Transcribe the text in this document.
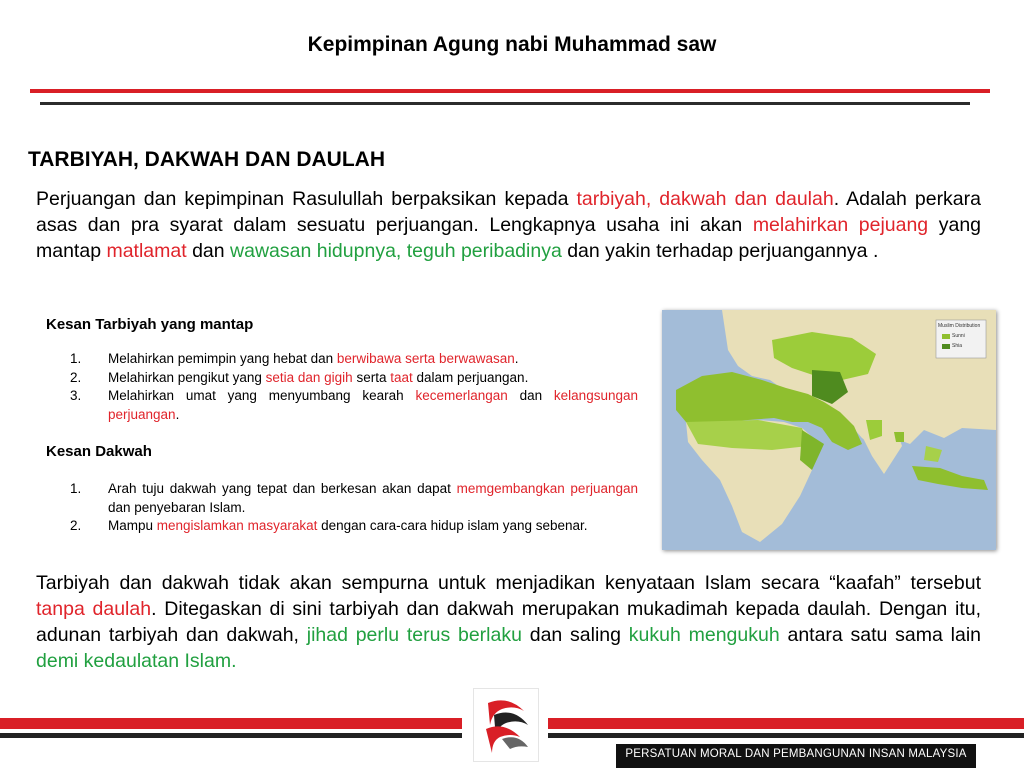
Kepimpinan Agung nabi Muhammad saw
TARBIYAH, DAKWAH DAN DAULAH
Perjuangan dan kepimpinan Rasulullah berpaksikan kepada tarbiyah, dakwah dan daulah. Adalah perkara asas dan pra syarat dalam sesuatu perjuangan. Lengkapnya usaha ini akan melahirkan pejuang yang mantap matlamat dan wawasan hidupnya, teguh peribadinya dan yakin terhadap perjuangannya .
Kesan Tarbiyah yang mantap
1. Melahirkan pemimpin yang hebat dan berwibawa serta berwawasan.
2. Melahirkan pengikut yang setia dan gigih serta taat dalam perjuangan.
3. Melahirkan umat yang menyumbang kearah kecemerlangan dan kelangsungan perjuangan.
Kesan Dakwah
1. Arah tuju dakwah yang tepat dan berkesan akan dapat memgembangkan perjuangan dan penyebaran Islam.
2. Mampu mengislamkan masyarakat dengan cara-cara hidup islam yang sebenar.
Muslim Distribution
Sunni
Shia
Tarbiyah dan dakwah tidak akan sempurna untuk menjadikan kenyataan Islam secara “kaafah” tersebut tanpa daulah. Ditegaskan di sini tarbiyah dan dakwah merupakan mukadimah kepada daulah. Dengan itu, adunan tarbiyah dan dakwah, jihad perlu terus berlaku dan saling kukuh mengukuh antara satu sama lain demi kedaulatan Islam.
PERSATUAN MORAL DAN PEMBANGUNAN INSAN MALAYSIA
